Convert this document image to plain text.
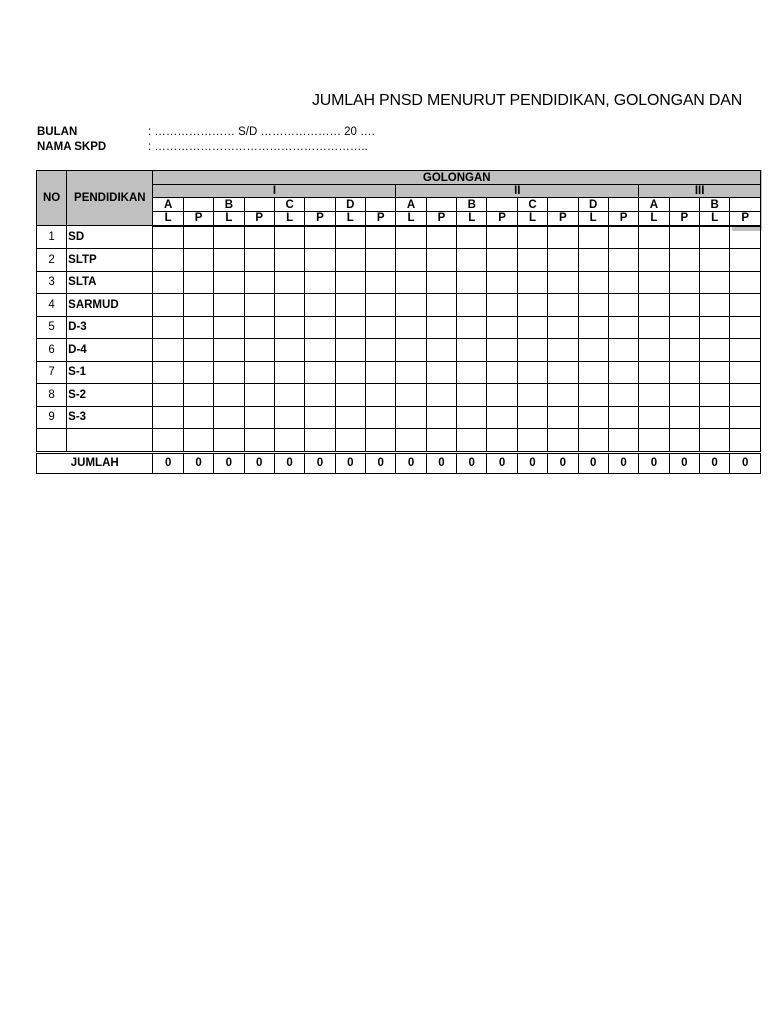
JUMLAH PNSD MENURUT PENDIDIKAN, GOLONGAN DAN
BULAN	: ………………… S/D ………………… 20 ….
NAMA SKPD	: ………………………………………………..
NO	PENDIDIKAN	GOLONGAN																			
		I								II								III			
		A		B		C		D		A		B		C		D		A		B	
		L	P	L	P	L	P	L	P	L	P	L	P	L	P	L	P	L	P	L	P
1	SD																				
2	SLTP																				
3	SLTA																				
4	SARMUD																				
5	D-3																				
6	D-4																				
7	S-1																				
8	S-2																				
9	S-3																				

JUMLAH		0	0	0	0	0	0	0	0	0	0	0	0	0	0	0	0	0	0	0	0
